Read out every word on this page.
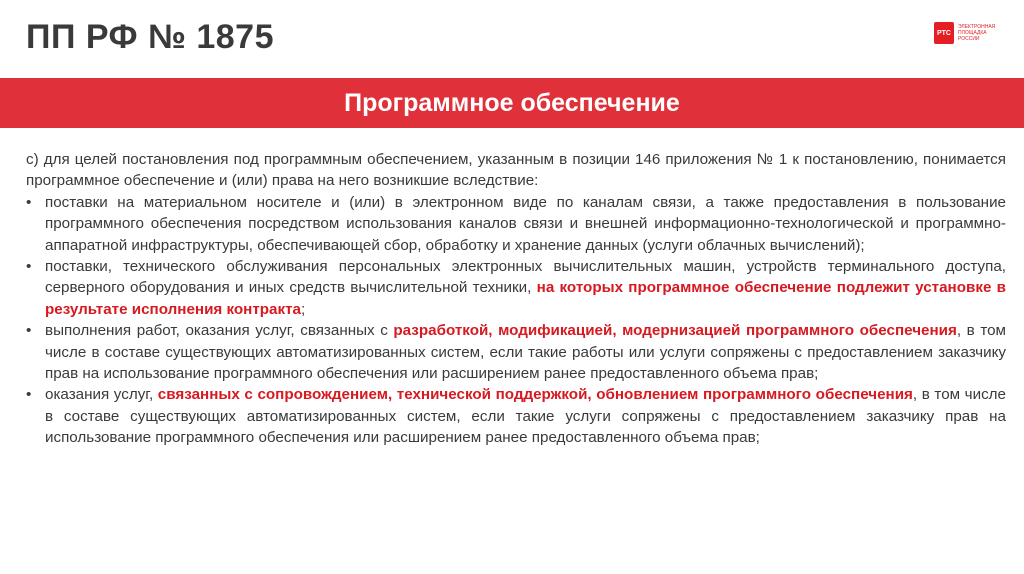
ПП РФ № 1875	РТС
ЭЛЕКТРОННАЯ
ПЛОЩАДКА
РОССИИ
Программное обеспечение
с) для целей постановления под программным обеспечением, указанным в позиции 146 приложения № 1 к постановлению, понимается программное обеспечение и (или) права на него возникшие вследствие:
• поставки на материальном носителе и (или) в электронном виде по каналам связи, а также предоставления в пользование программного обеспечения посредством использования каналов связи и внешней информационно-технологической и программно-аппаратной инфраструктуры, обеспечивающей сбор, обработку и хранение данных (услуги облачных вычислений);
• поставки, технического обслуживания персональных электронных вычислительных машин, устройств терминального доступа, серверного оборудования и иных средств вычислительной техники, на которых программное обеспечение подлежит установке в результате исполнения контракта;
• выполнения работ, оказания услуг, связанных с разработкой, модификацией, модернизацией программного обеспечения, в том числе в составе существующих автоматизированных систем, если такие работы или услуги сопряжены с предоставлением заказчику прав на использование программного обеспечения или расширением ранее предоставленного объема прав;
• оказания услуг, связанных с сопровождением, технической поддержкой, обновлением программного обеспечения, в том числе в составе существующих автоматизированных систем, если такие услуги сопряжены с предоставлением заказчику прав на использование программного обеспечения или расширением ранее предоставленного объема прав;
